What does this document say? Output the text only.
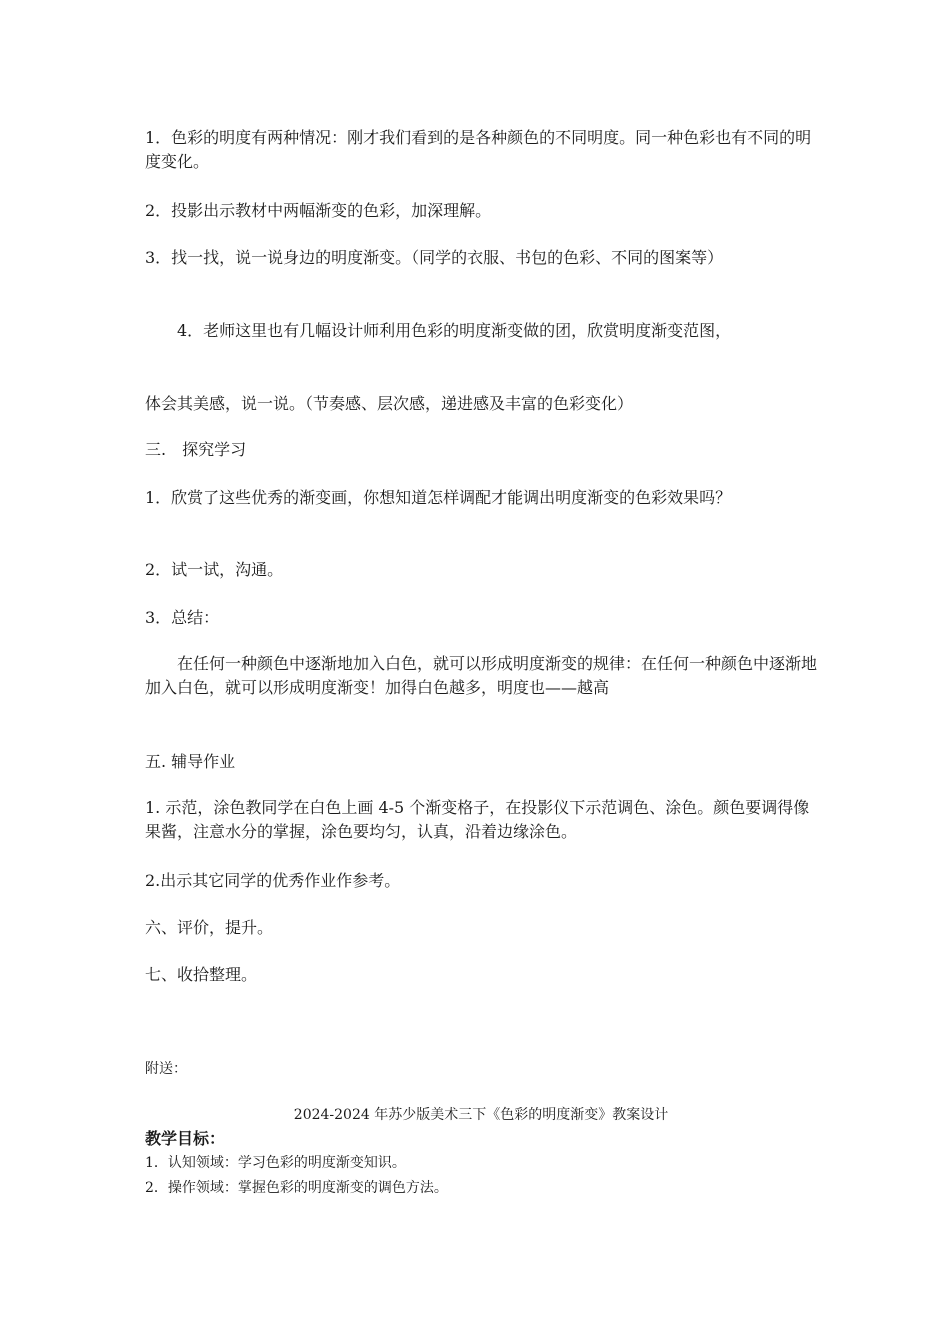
1．色彩的明度有两种情况：刚才我们看到的是各种颜色的不同明度。同一种色彩也有不同的明度变化。

2．投影出示教材中两幅渐变的色彩，加深理解。

3．找一找，说一说身边的明度渐变。（同学的衣服、书包的色彩、不同的图案等）

　　4．老师这里也有几幅设计师利用色彩的明度渐变做的团，欣赏明度渐变范图，

体会其美感，说一说。（节奏感、层次感，递进感及丰富的色彩变化）

三.　探究学习

1．欣赏了这些优秀的渐变画，你想知道怎样调配才能调出明度渐变的色彩效果吗？

2．试一试，沟通。

3．总结：

　　在任何一种颜色中逐渐地加入白色，就可以形成明度渐变的规律：在任何一种颜色中逐渐地加入白色，就可以形成明度渐变！加得白色越多，明度也——越高

五. 辅导作业

1. 示范，涂色教同学在白色上画 4-5 个渐变格子，在投影仪下示范调色、涂色。颜色要调得像果酱，注意水分的掌握，涂色要均匀，认真，沿着边缘涂色。

2.出示其它同学的优秀作业作参考。

六、评价，提升。

七、收拾整理。

附送：

2024-2024 年苏少版美术三下《色彩的明度渐变》教案设计
教学目标：
1．认知领域：学习色彩的明度渐变知识。
2．操作领域：掌握色彩的明度渐变的调色方法。
